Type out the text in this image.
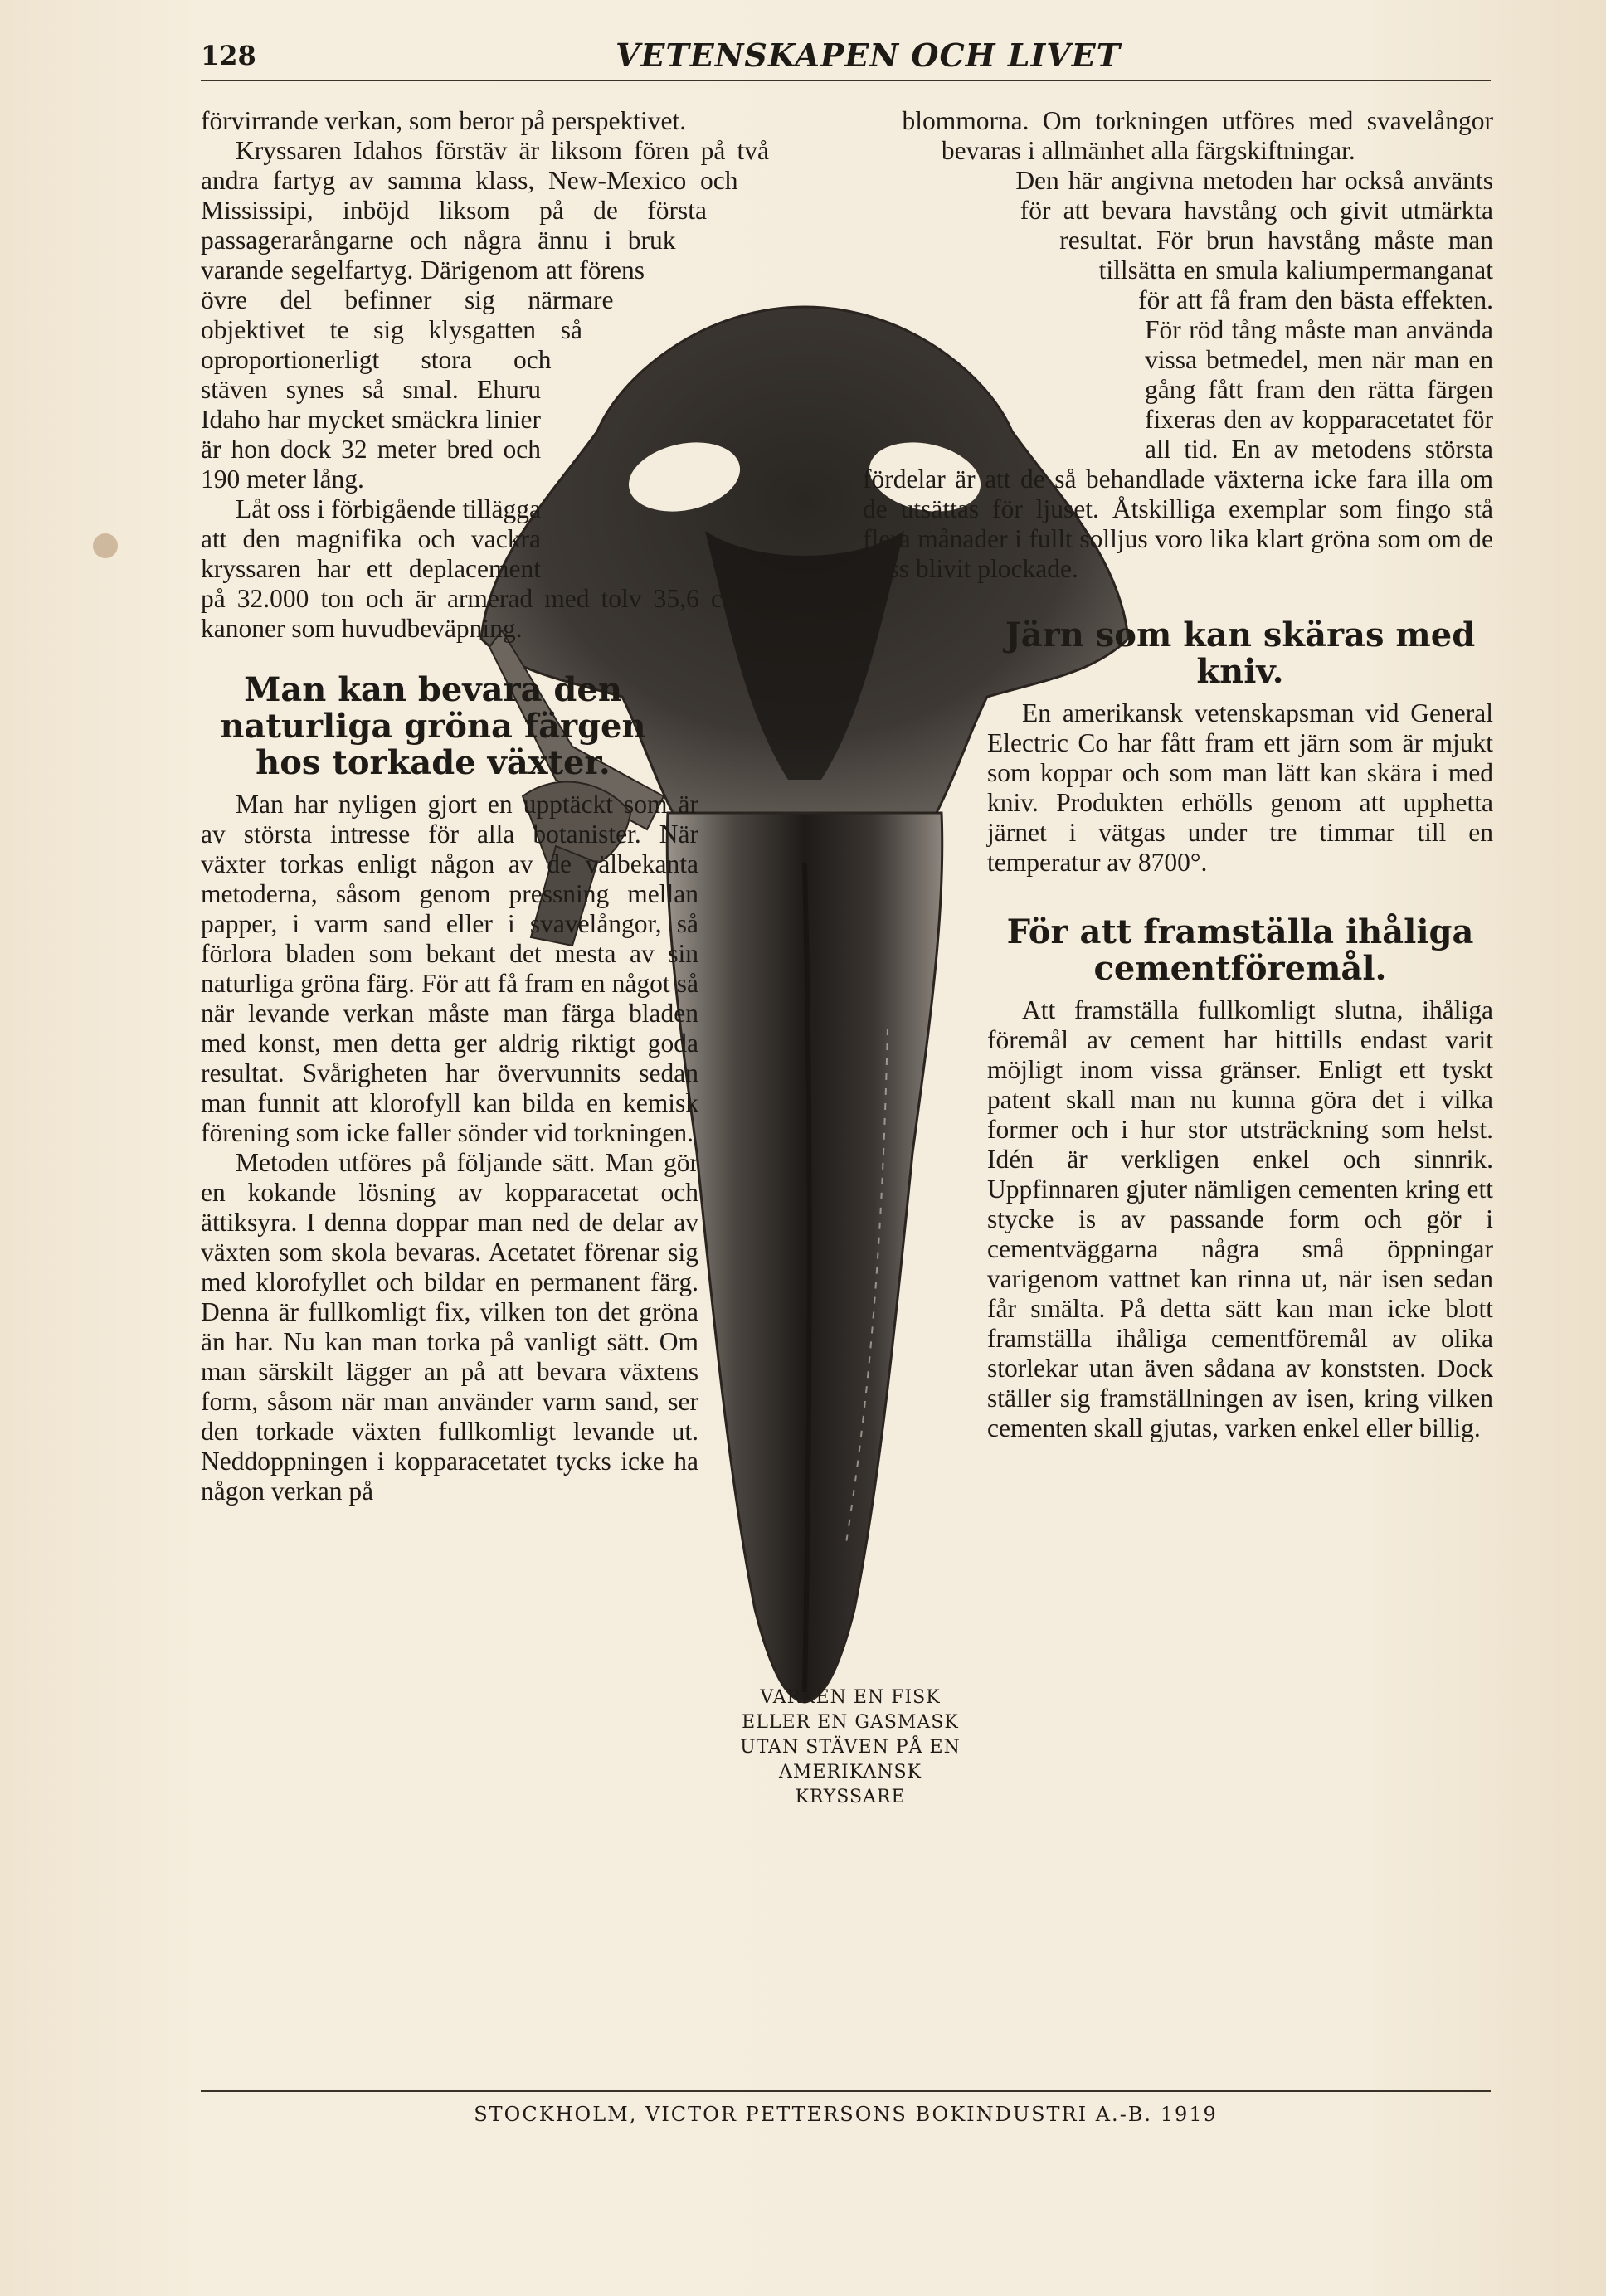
128	VETENSKAPEN OCH LIVET

förvirrande verkan, som beror på perspektivet.

Kryssaren Idahos förstäv är liksom fören på två andra fartyg av samma klass, New-Mexico och Mississipi, inböjd liksom på de första passagerarångarne och några ännu i bruk varande segelfartyg. Därigenom att förens övre del befinner sig närmare objektivet te sig klysgatten så oproportionerligt stora och stäven synes så smal. Ehuru Idaho har mycket smäckra linier är hon dock 32 meter bred och 190 meter lång.

Låt oss i förbigående tillägga att den magnifika och vackra kryssaren har ett deplacement på 32.000 ton och är armerad med tolv 35,6 centimeters kanoner som huvudbeväpning.

Man kan bevara den naturliga gröna färgen hos torkade växter.

Man har nyligen gjort en upptäckt som är av största intresse för alla botanister. När växter torkas enligt någon av de välbekanta metoderna, såsom genom pressning mellan papper, i varm sand eller i svavelångor, så förlora bladen som bekant det mesta av sin naturliga gröna färg. För att få fram en något så när levande verkan måste man färga bladen med konst, men detta ger aldrig riktigt goda resultat. Svårigheten har övervunnits sedan man funnit att klorofyll kan bilda en kemisk förening som icke faller sönder vid torkningen.

Metoden utföres på följande sätt. Man gör en kokande lösning av kopparacetat och ättiksyra. I denna doppar man ned de delar av växten som skola bevaras. Acetatet förenar sig med klorofyllet och bildar en permanent färg. Denna är fullkomligt fix, vilken ton det gröna än har. Nu kan man torka på vanligt sätt. Om man särskilt lägger an på att bevara växtens form, såsom när man använder varm sand, ser den torkade växten fullkomligt levande ut. Neddoppningen i kopparacetatet tycks icke ha någon verkan på

blommorna. Om torkningen utföres med svavelångor bevaras i allmänhet alla färgskiftningar.

Den här angivna metoden har också använts för att bevara havstång och givit utmärkta resultat. För brun havstång måste man tillsätta en smula kaliumpermanganat för att få fram den bästa effekten. För röd tång måste man använda vissa betmedel, men när man en gång fått fram den rätta färgen fixeras den av kopparacetatet för all tid. En av metodens största fördelar är att de så behandlade växterna icke fara illa om de utsättas för ljuset. Åtskilliga exemplar som fingo stå flera månader i fullt solljus voro lika klart gröna som om de nyss blivit plockade.

Järn som kan skäras med kniv.

En amerikansk vetenskapsman vid General Electric Co har fått fram ett järn som är mjukt som koppar och som man lätt kan skära i med kniv. Produkten erhölls genom att upphetta järnet i vätgas under tre timmar till en temperatur av 8700°.

För att framställa ihåliga cementföremål.

Att framställa fullkomligt slutna, ihåliga föremål av cement har hittills endast varit möjligt inom vissa gränser. Enligt ett tyskt patent skall man nu kunna göra det i vilka former och i hur stor utsträckning som helst. Idén är verkligen enkel och sinnrik. Uppfinnaren gjuter nämligen cementen kring ett stycke is av passande form och gör i cementväggarna några små öppningar varigenom vattnet kan rinna ut, när isen sedan får smälta. På detta sätt kan man icke blott framställa ihåliga cementföremål av olika storlekar utan även sådana av konststen. Dock ställer sig framställningen av isen, kring vilken cementen skall gjutas, varken enkel eller billig.

VARKEN EN FISK ELLER EN GASMASK UTAN STÄVEN PÅ EN AMERIKANSK KRYSSARE
STOCKHOLM, VICTOR PETTERSONS BOKINDUSTRI A.-B. 1919
